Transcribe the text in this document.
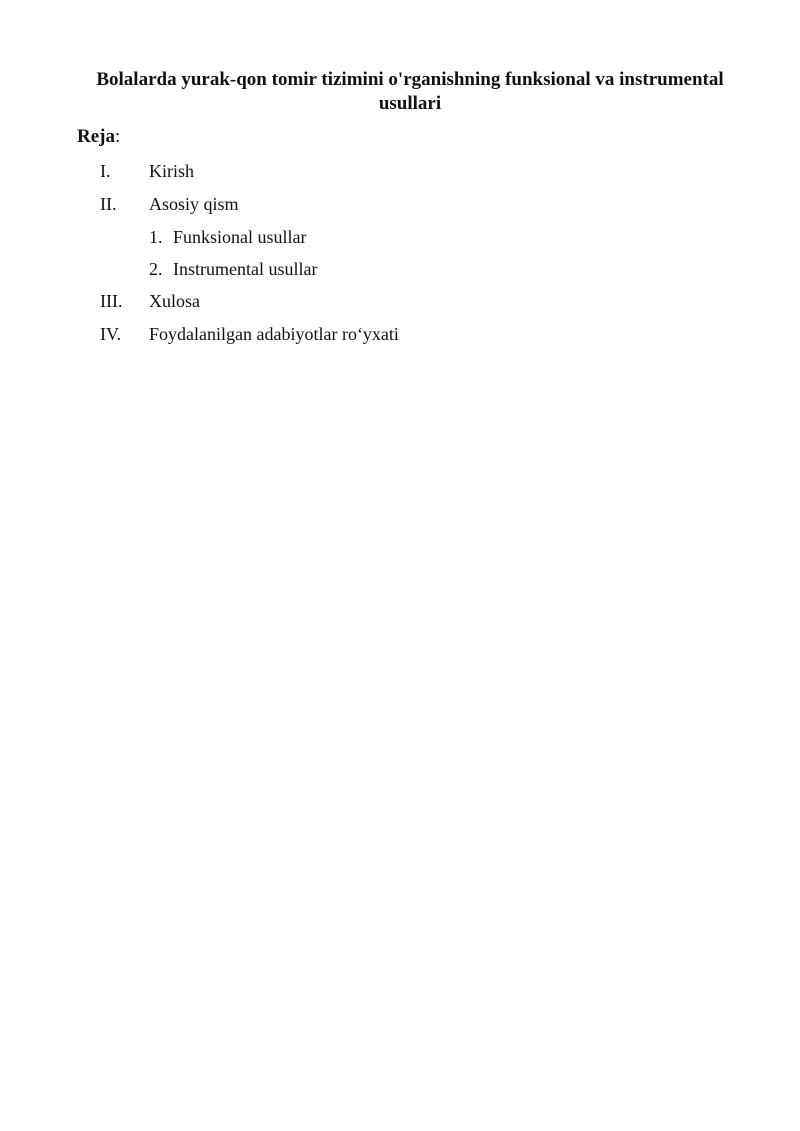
Bolalarda yurak-qon tomir tizimini o'rganishning funksional va instrumental usullari

Reja:

I. Kirish
II. Asosiy qism
1. Funksional usullar
2. Instrumental usullar
III. Xulosa
IV. Foydalanilgan adabiyotlar ro‘yxati
